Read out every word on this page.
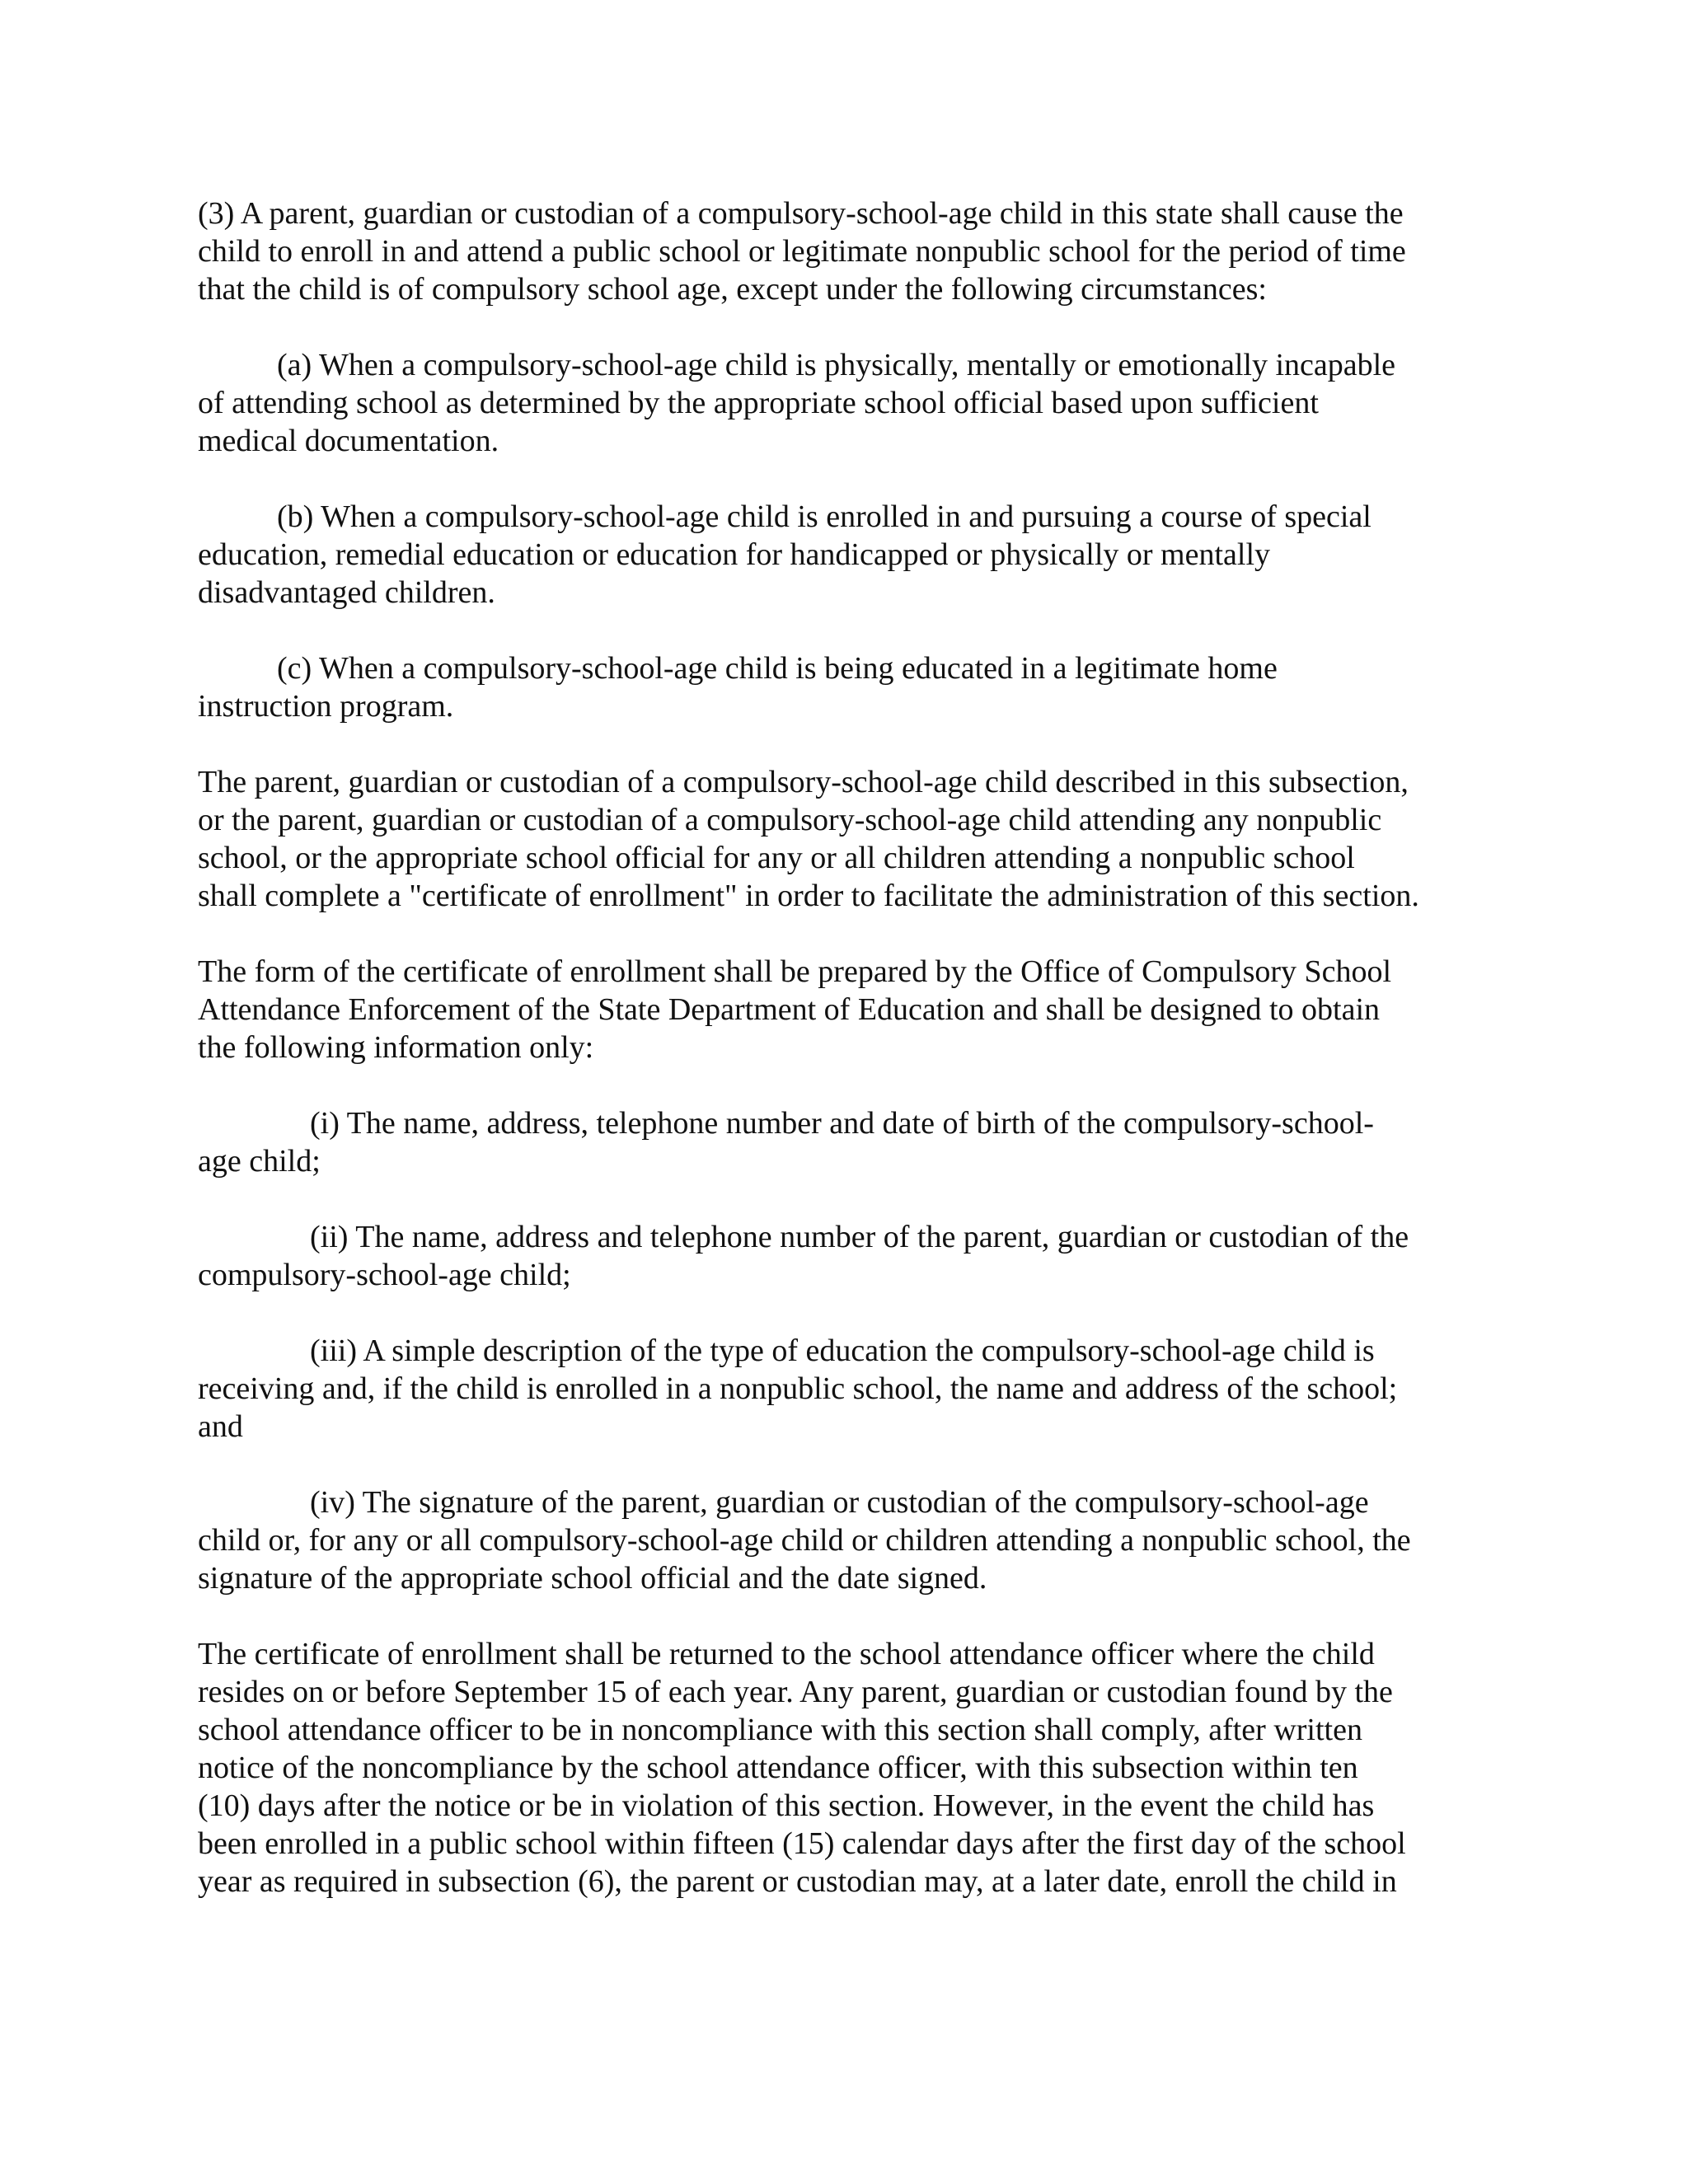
(3) A parent, guardian or custodian of a compulsory-school-age child in this state shall cause the
child to enroll in and attend a public school or legitimate nonpublic school for the period of time
that the child is of compulsory school age, except under the following circumstances:

(a) When a compulsory-school-age child is physically, mentally or emotionally incapable
of attending school as determined by the appropriate school official based upon sufficient
medical documentation.

(b) When a compulsory-school-age child is enrolled in and pursuing a course of special
education, remedial education or education for handicapped or physically or mentally
disadvantaged children.

(c) When a compulsory-school-age child is being educated in a legitimate home
instruction program.

The parent, guardian or custodian of a compulsory-school-age child described in this subsection,
or the parent, guardian or custodian of a compulsory-school-age child attending any nonpublic
school, or the appropriate school official for any or all children attending a nonpublic school
shall complete a "certificate of enrollment" in order to facilitate the administration of this section.

The form of the certificate of enrollment shall be prepared by the Office of Compulsory School
Attendance Enforcement of the State Department of Education and shall be designed to obtain
the following information only:

(i) The name, address, telephone number and date of birth of the compulsory-school-
age child;

(ii) The name, address and telephone number of the parent, guardian or custodian of the
compulsory-school-age child;

(iii) A simple description of the type of education the compulsory-school-age child is
receiving and, if the child is enrolled in a nonpublic school, the name and address of the school;
and

(iv) The signature of the parent, guardian or custodian of the compulsory-school-age
child or, for any or all compulsory-school-age child or children attending a nonpublic school, the
signature of the appropriate school official and the date signed.

The certificate of enrollment shall be returned to the school attendance officer where the child
resides on or before September 15 of each year. Any parent, guardian or custodian found by the
school attendance officer to be in noncompliance with this section shall comply, after written
notice of the noncompliance by the school attendance officer, with this subsection within ten
(10) days after the notice or be in violation of this section. However, in the event the child has
been enrolled in a public school within fifteen (15) calendar days after the first day of the school
year as required in subsection (6), the parent or custodian may, at a later date, enroll the child in
